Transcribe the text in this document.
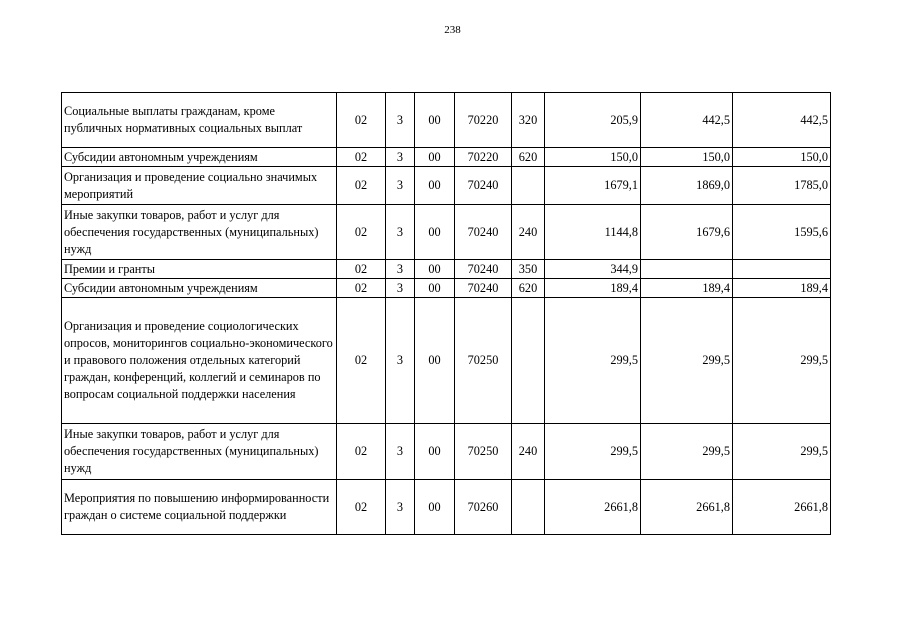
238
Социальные выплаты гражданам, кроме публичных нормативных социальных выплат	02	3	00	70220	320	205,9	442,5	442,5
Субсидии автономным учреждениям	02	3	00	70220	620	150,0	150,0	150,0
Организация и проведение социально значимых мероприятий	02	3	00	70240		1679,1	1869,0	1785,0
Иные закупки товаров, работ и услуг для обеспечения государственных (муниципальных) нужд	02	3	00	70240	240	1144,8	1679,6	1595,6
Премии и гранты	02	3	00	70240	350	344,9		
Субсидии автономным учреждениям	02	3	00	70240	620	189,4	189,4	189,4
Организация и проведение социологических опросов, мониторингов социально-экономического и правового положения отдельных категорий граждан, конференций, коллегий и семинаров по вопросам социальной поддержки населения	02	3	00	70250		299,5	299,5	299,5
Иные закупки товаров, работ и услуг для обеспечения государственных (муниципальных) нужд	02	3	00	70250	240	299,5	299,5	299,5
Мероприятия по повышению информированности граждан о системе социальной поддержки	02	3	00	70260		2661,8	2661,8	2661,8
